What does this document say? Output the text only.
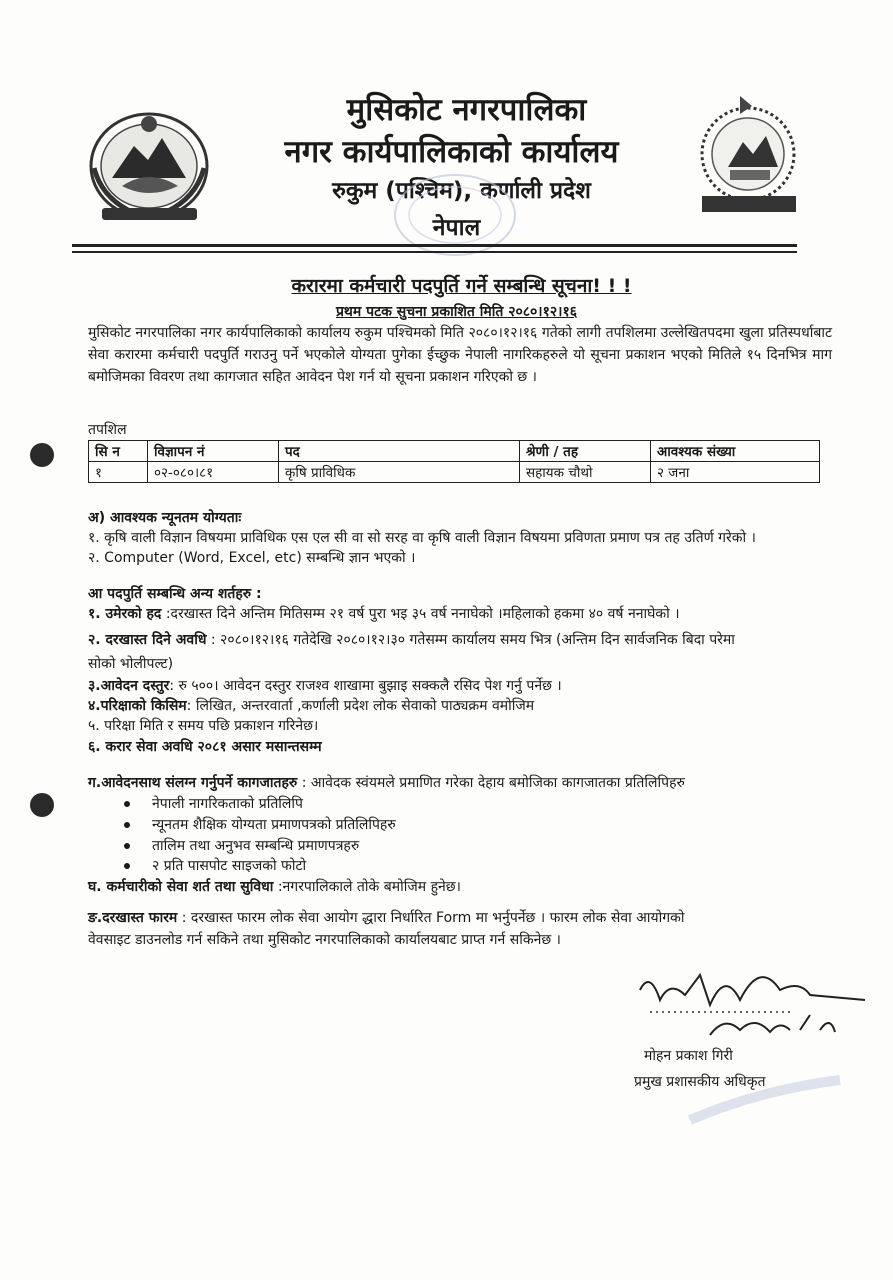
मुसिकोट नगरपालिका
नगर कार्यपालिकाको कार्यालय
रुकुम (पश्चिम), कर्णाली प्रदेश
नेपाल
करारमा कर्मचारी पदपुर्ति गर्ने सम्बन्धि सूचना! ! !
प्रथम पटक सुचना प्रकाशित मिति २०८०।१२।१६
मुसिकोट नगरपालिका नगर कार्यपालिकाको कार्यालय रुकुम पश्चिमको मिति २०८०।१२।१६ गतेको लागी तपशिलमा उल्लेखितपदमा खुला प्रतिस्पर्धाबाट सेवा करारमा कर्मचारी पदपुर्ति गराउनु पर्ने भएकोले योग्यता पुगेका ईच्छुक नेपाली नागरिकहरुले यो सूचना प्रकाशन भएको मितिले १५ दिनभित्र माग बमोजिमका विवरण तथा कागजात सहित आवेदन पेश गर्न यो सूचना प्रकाशन गरिएको छ ।
तपशिल
सि न	विज्ञापन नं	पद	श्रेणी / तह	आवश्यक संख्या
१	०२-०८०।८१	कृषि प्राविधिक	सहायक चौथो	२ जना
अ) आवश्यक न्यूनतम योग्यताः
१. कृषि वाली विज्ञान विषयमा प्राविधिक एस एल सी वा सो सरह वा कृषि वाली विज्ञान विषयमा प्रविणता प्रमाण पत्र तह उतिर्ण गरेको ।
२. Computer (Word, Excel, etc) सम्बन्धि ज्ञान भएको ।
आ पदपुर्ति सम्बन्धि अन्य शर्तहरु :
१. उमेरको हद :दरखास्त दिने अन्तिम मितिसम्म २१ वर्ष पुरा भइ ३५ वर्ष ननाघेको ।महिलाको हकमा ४० वर्ष ननाघेको ।
२. दरखास्त दिने अवधि : २०८०।१२।१६ गतेदेखि २०८०।१२।३० गतेसम्म कार्यालय समय भित्र (अन्तिम दिन सार्वजनिक बिदा परेमा
सोको भोलीपल्ट)
३.आवेदन दस्तुर: रु ५००। आवेदन दस्तुर राजश्व शाखामा बुझाइ सक्कलै रसिद पेश गर्नु पर्नेछ ।
४.परिक्षाको किसिम: लिखित, अन्तरवार्ता ,कर्णाली प्रदेश लोक सेवाको पाठ्यक्रम वमोजिम
५. परिक्षा मिति र समय पछि प्रकाशन गरिनेछ।
६. करार सेवा अवधि २०८१ असार मसान्तसम्म
ग.आवेदनसाथ संलग्न गर्नुपर्ने कागजातहरु : आवेदक स्वंयमले प्रमाणित गरेका देहाय बमोजिका कागजातका प्रतिलिपिहरु
नेपाली नागरिकताको प्रतिलिपि
न्यूनतम शैक्षिक योग्यता प्रमाणपत्रको प्रतिलिपिहरु
तालिम तथा अनुभव सम्बन्धि प्रमाणपत्रहरु
२ प्रति पासपोट साइजको फोटो
घ. कर्मचारीको सेवा शर्त तथा सुविधा :नगरपालिकाले तोके बमोजिम हुनेछ।
ङ.दरखास्त फारम : दरखास्त फारम लोक सेवा आयोग द्धारा निर्धारित Form मा भर्नुपर्नेछ । फारम लोक सेवा आयोगको
वेवसाइट डाउनलोड गर्न सकिने तथा मुसिकोट नगरपालिकाको कार्यालयबाट प्राप्त गर्न सकिनेछ ।
मोहन प्रकाश गिरी
प्रमुख प्रशासकीय अधिकृत
